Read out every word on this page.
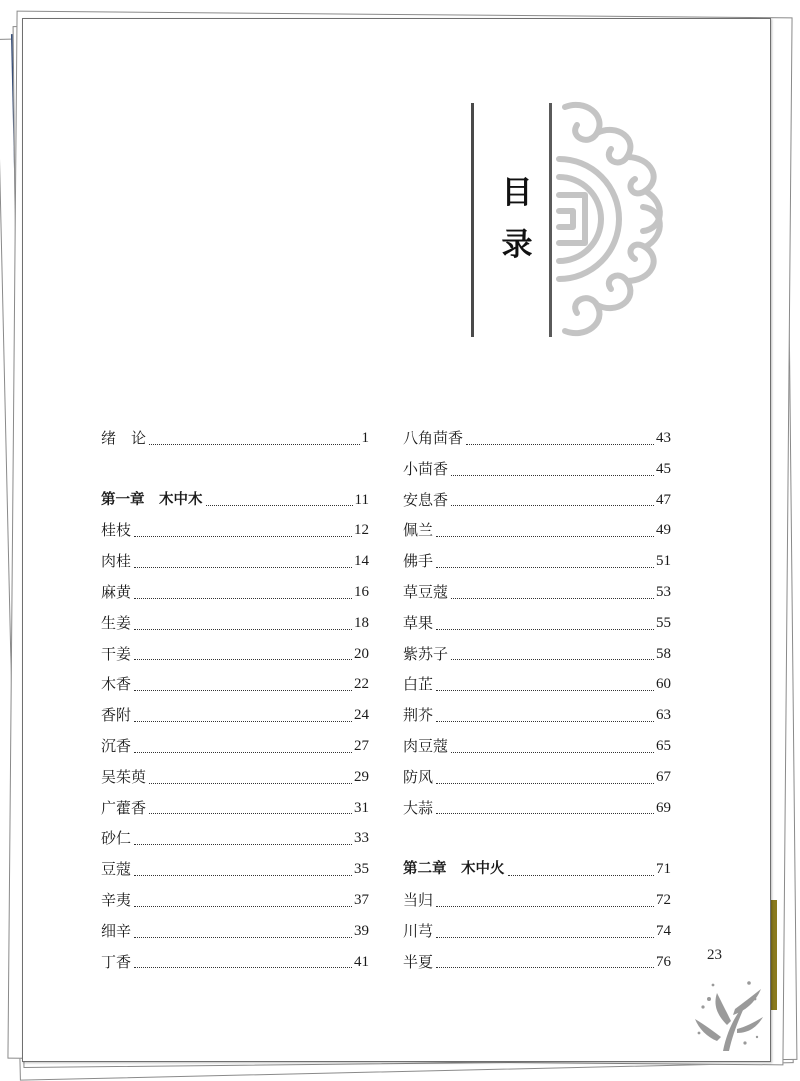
目
录
绪　论	1
第一章　木中木	11
桂枝	12
肉桂	14
麻黄	16
生姜	18
干姜	20
木香	22
香附	24
沉香	27
吴茱萸	29
广藿香	31
砂仁	33
豆蔻	35
辛夷	37
细辛	39
丁香	41
八角茴香	43
小茴香	45
安息香	47
佩兰	49
佛手	51
草豆蔻	53
草果	55
紫苏子	58
白芷	60
荆芥	63
肉豆蔻	65
防风	67
大蒜	69
第二章　木中火	71
当归	72
川芎	74
半夏	76 23
